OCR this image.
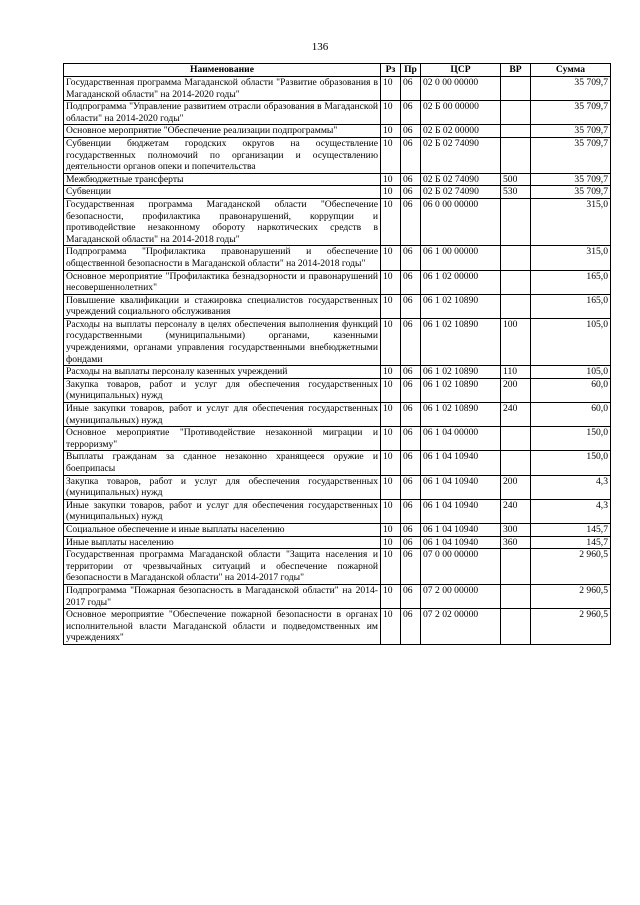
136
Наименование	Рз	Пр	ЦСР	ВР	Сумма
Государственная программа Магаданской области "Развитие образования в Магаданской области" на 2014-2020 годы"	10	06	02 0 00 00000		35 709,7
Подпрограмма "Управление развитием отрасли образования в Магаданской области" на 2014-2020 годы"	10	06	02 Б 00 00000		35 709,7
Основное мероприятие "Обеспечение реализации подпрограммы"	10	06	02 Б 02 00000		35 709,7
Субвенции бюджетам городских округов на осуществление государственных полномочий по организации и осуществлению деятельности органов опеки и попечительства	10	06	02 Б 02 74090		35 709,7
Межбюджетные трансферты	10	06	02 Б 02 74090	500	35 709,7
Субвенции	10	06	02 Б 02 74090	530	35 709,7
Государственная программа Магаданской области "Обеспечение безопасности, профилактика правонарушений, коррупции и противодействие незаконному обороту наркотических средств в Магаданской области" на 2014-2018 годы"	10	06	06 0 00 00000		315,0
Подпрограмма "Профилактика правонарушений и обеспечение общественной безопасности в Магаданской области" на 2014-2018 годы"	10	06	06 1 00 00000		315,0
Основное мероприятие "Профилактика безнадзорности и правонарушений несовершеннолетних"	10	06	06 1 02 00000		165,0
Повышение квалификации и стажировка специалистов государственных учреждений социального обслуживания	10	06	06 1 02 10890		165,0
Расходы на выплаты персоналу в целях обеспечения выполнения функций государственными (муниципальными) органами, казенными учреждениями, органами управления государственными внебюджетными фондами	10	06	06 1 02 10890	100	105,0
Расходы на выплаты персоналу казенных учреждений	10	06	06 1 02 10890	110	105,0
Закупка товаров, работ и услуг для обеспечения государственных (муниципальных) нужд	10	06	06 1 02 10890	200	60,0
Иные закупки товаров, работ и услуг для обеспечения государственных (муниципальных) нужд	10	06	06 1 02 10890	240	60,0
Основное мероприятие "Противодействие незаконной миграции и терроризму"	10	06	06 1 04 00000		150,0
Выплаты гражданам за сданное незаконно хранящееся оружие и боеприпасы	10	06	06 1 04 10940		150,0
Закупка товаров, работ и услуг для обеспечения государственных (муниципальных) нужд	10	06	06 1 04 10940	200	4,3
Иные закупки товаров, работ и услуг для обеспечения государственных (муниципальных) нужд	10	06	06 1 04 10940	240	4,3
Социальное обеспечение и иные выплаты населению	10	06	06 1 04 10940	300	145,7
Иные выплаты населению	10	06	06 1 04 10940	360	145,7
Государственная программа Магаданской области "Защита населения и территории от чрезвычайных ситуаций и обеспечение пожарной безопасности в Магаданской области" на 2014-2017 годы"	10	06	07 0 00 00000		2 960,5
Подпрограмма "Пожарная безопасность в Магаданской области" на 2014-2017 годы"	10	06	07 2 00 00000		2 960,5
Основное мероприятие "Обеспечение пожарной безопасности в органах исполнительной власти Магаданской области и подведомственных им учреждениях"	10	06	07 2 02 00000		2 960,5
